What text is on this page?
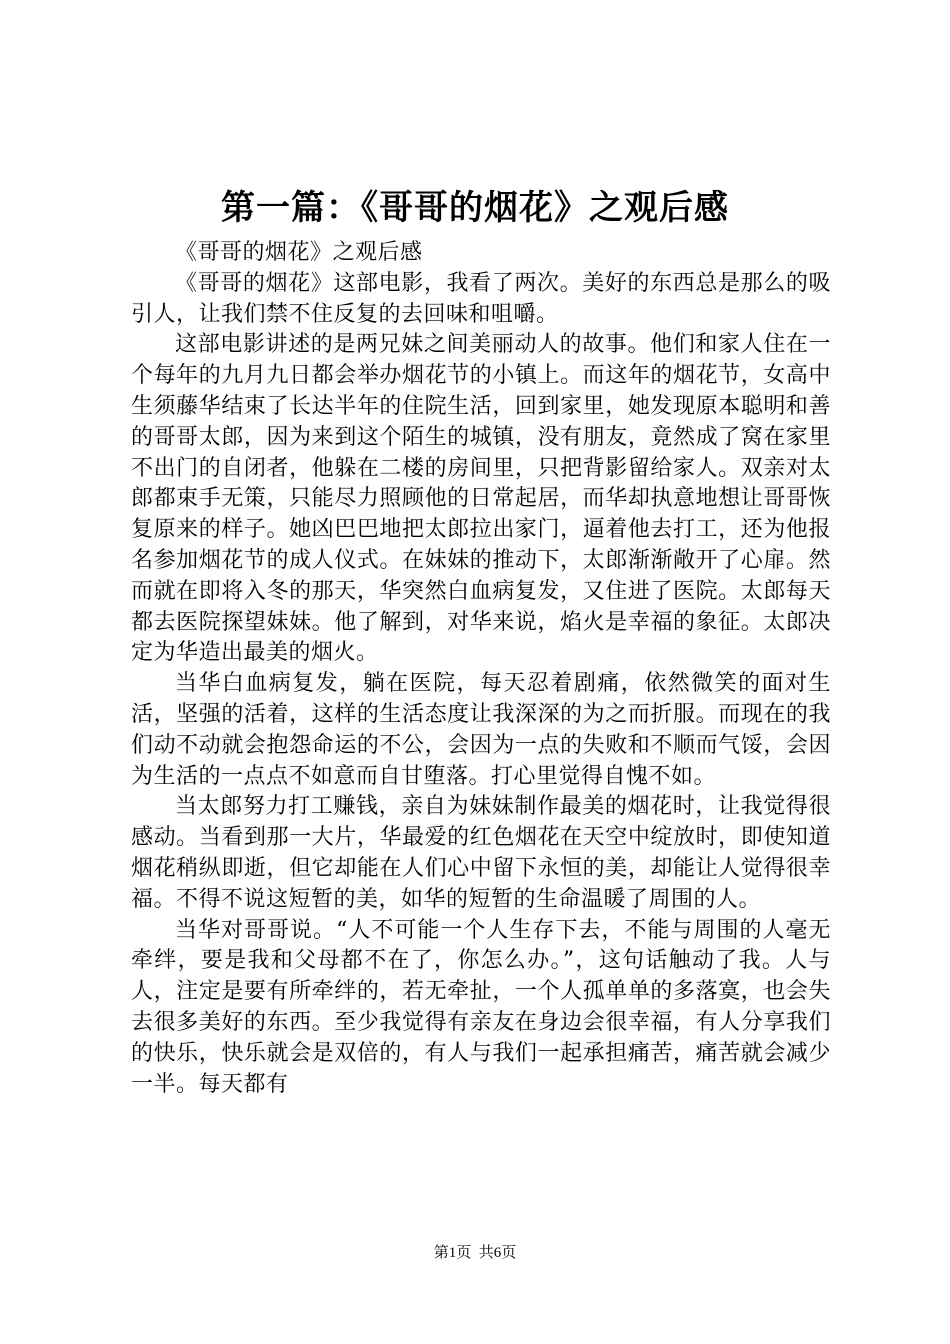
第一篇：《哥哥的烟花》之观后感

《哥哥的烟花》之观后感

《哥哥的烟花》这部电影，我看了两次。美好的东西总是那么的吸引人，让我们禁不住反复的去回味和咀嚼。

这部电影讲述的是两兄妹之间美丽动人的故事。他们和家人住在一个每年的九月九日都会举办烟花节的小镇上。而这年的烟花节，女高中生须藤华结束了长达半年的住院生活，回到家里，她发现原本聪明和善的哥哥太郎，因为来到这个陌生的城镇，没有朋友，竟然成了窝在家里不出门的自闭者，他躲在二楼的房间里，只把背影留给家人。双亲对太郎都束手无策，只能尽力照顾他的日常起居，而华却执意地想让哥哥恢复原来的样子。她凶巴巴地把太郎拉出家门，逼着他去打工，还为他报名参加烟花节的成人仪式。在妹妹的推动下，太郎渐渐敞开了心扉。然而就在即将入冬的那天，华突然白血病复发，又住进了医院。太郎每天都去医院探望妹妹。他了解到，对华来说，焰火是幸福的象征。太郎决定为华造出最美的烟火。

当华白血病复发，躺在医院，每天忍着剧痛，依然微笑的面对生活，坚强的活着，这样的生活态度让我深深的为之而折服。而现在的我们动不动就会抱怨命运的不公，会因为一点的失败和不顺而气馁，会因为生活的一点点不如意而自甘堕落。打心里觉得自愧不如。

当太郎努力打工赚钱，亲自为妹妹制作最美的烟花时，让我觉得很感动。当看到那一大片，华最爱的红色烟花在天空中绽放时，即使知道烟花稍纵即逝，但它却能在人们心中留下永恒的美，却能让人觉得很幸福。不得不说这短暂的美，如华的短暂的生命温暖了周围的人。

当华对哥哥说。“人不可能一个人生存下去，不能与周围的人毫无牵绊，要是我和父母都不在了，你怎么办。”，这句话触动了我。人与人，注定是要有所牵绊的，若无牵扯，一个人孤单单的多落寞，也会失去很多美好的东西。至少我觉得有亲友在身边会很幸福，有人分享我们的快乐，快乐就会是双倍的，有人与我们一起承担痛苦，痛苦就会减少一半。每天都有

第1页  共6页
